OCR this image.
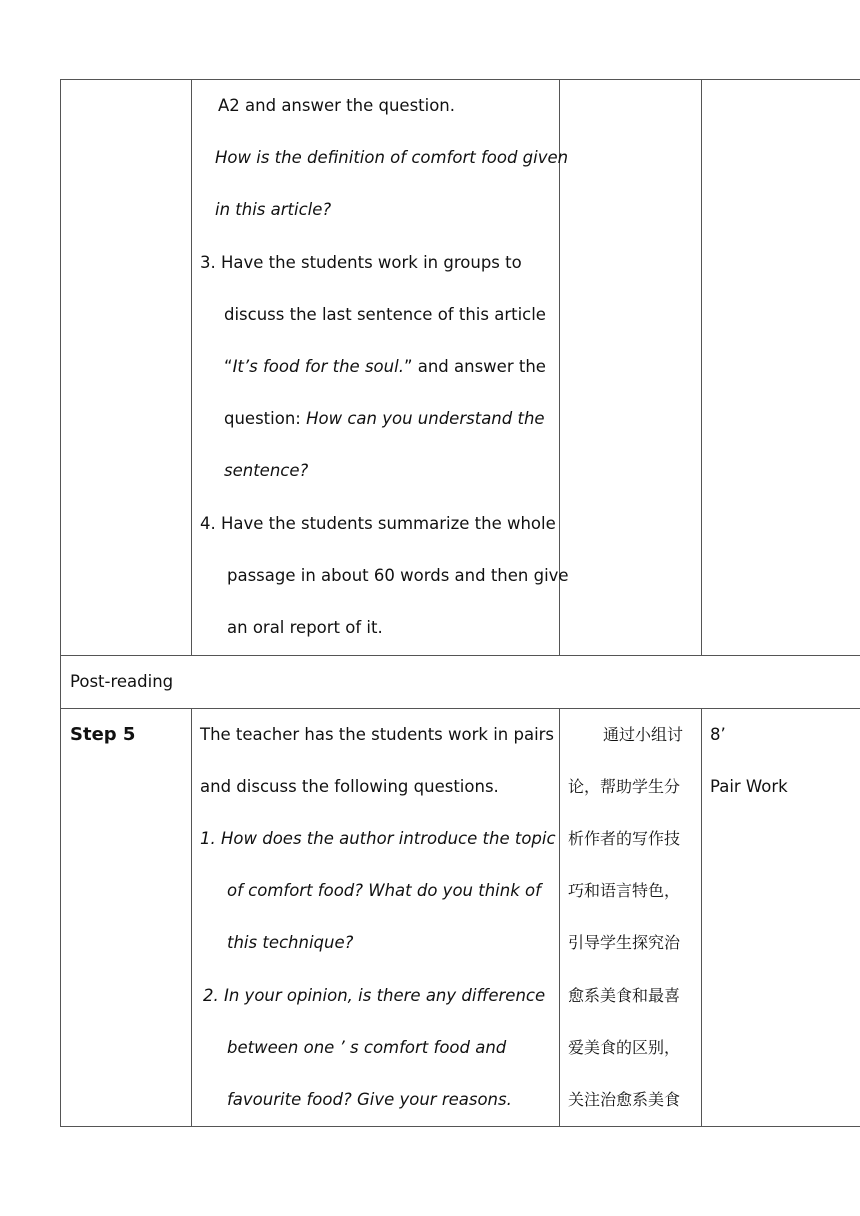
A2 and answer the question.
How is the definition of comfort food given
in this article?
3. Have the students work in groups to
discuss the last sentence of this article
“It’s food for the soul.” and answer the
question: How can you understand the
sentence?
4. Have the students summarize the whole
passage in about 60 words and then give
an oral report of it.
Post-reading
Step 5	The teacher has the students work in pairs
and discuss the following questions.
1. How does the author introduce the topic
of comfort food? What do you think of
this technique?
2. In your opinion, is there any difference
between one ’ s comfort food and
favourite food? Give your reasons.
通过小组讨
论，帮助学生分
析作者的写作技
巧和语言特色，
引导学生探究治
愈系美食和最喜
爱美食的区别，
关注治愈系美食
8’
Pair Work
